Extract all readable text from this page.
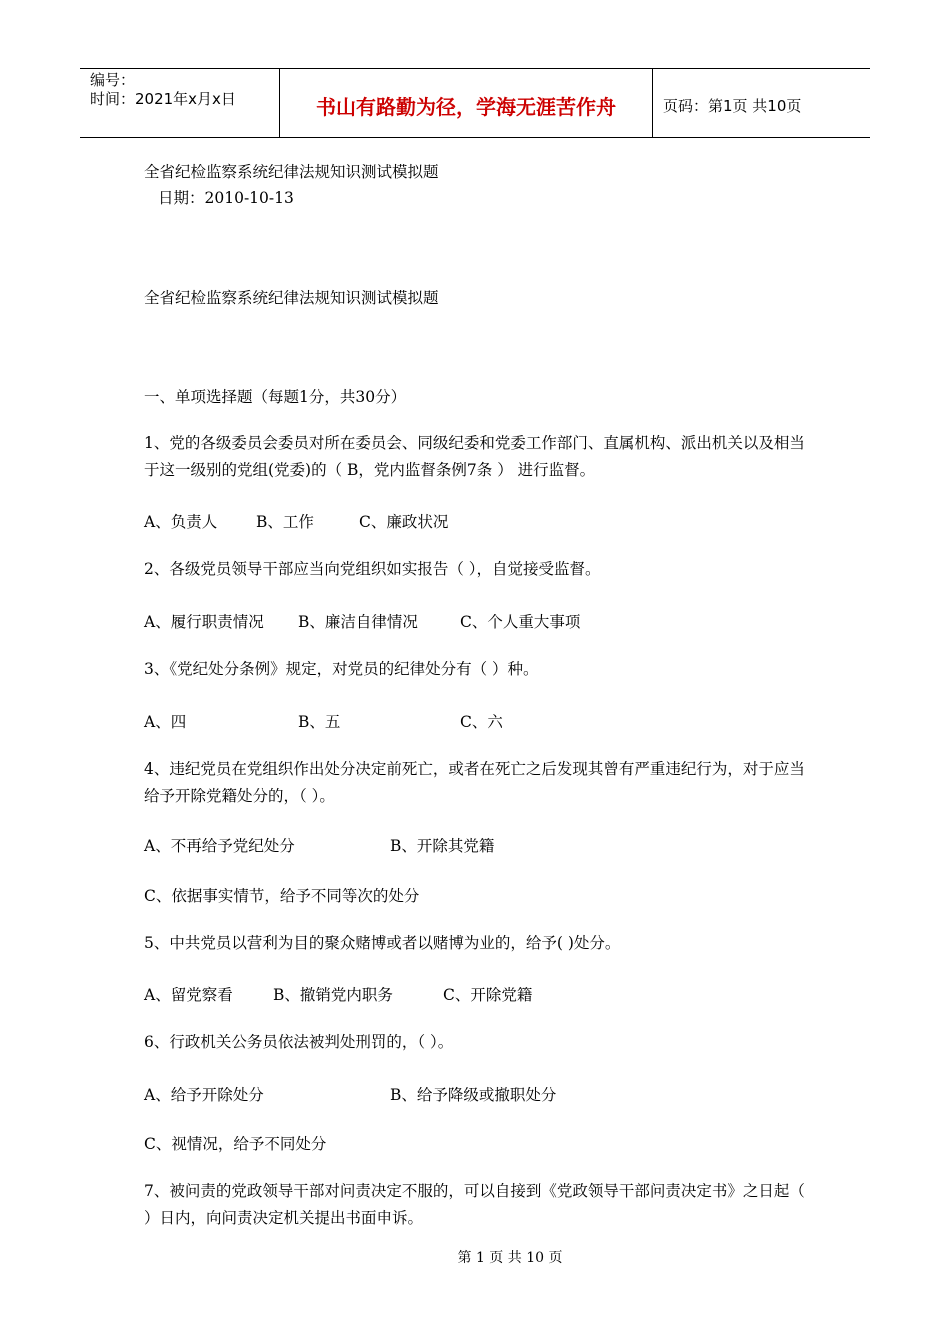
编号：
时间：2021年x月x日	书山有路勤为径，学海无涯苦作舟	页码：第1页 共10页
全省纪检监察系统纪律法规知识测试模拟题
日期：2010-10-13
全省纪检监察系统纪律法规知识测试模拟题
一、单项选择题（每题1分，共30分）
1、党的各级委员会委员对所在委员会、同级纪委和党委工作部门、直属机构、派出机关以及相当于这一级别的党组(党委)的（ B，党内监督条例7条 ） 进行监督。
A、负责人	B、工作	C、廉政状况
2、各级党员领导干部应当向党组织如实报告（ ），自觉接受监督。
A、履行职责情况 B、廉洁自律情况	C、个人重大事项
3、《党纪处分条例》规定，对党员的纪律处分有（ ）种。
A、四	B、五	C、六
4、违纪党员在党组织作出处分决定前死亡，或者在死亡之后发现其曾有严重违纪行为，对于应当给予开除党籍处分的，（ ）。
A、不再给予党纪处分	B、开除其党籍
C、依据事实情节，给予不同等次的处分
5、中共党员以营利为目的聚众赌博或者以赌博为业的，给予( )处分。
A、留党察看	B、撤销党内职务	C、开除党籍
6、行政机关公务员依法被判处刑罚的，（ ）。
A、给予开除处分	B、给予降级或撤职处分
C、视情况，给予不同处分
7、被问责的党政领导干部对问责决定不服的，可以自接到《党政领导干部问责决定书》之日起（ ）日内，向问责决定机关提出书面申诉。
第 1 页 共 10 页
